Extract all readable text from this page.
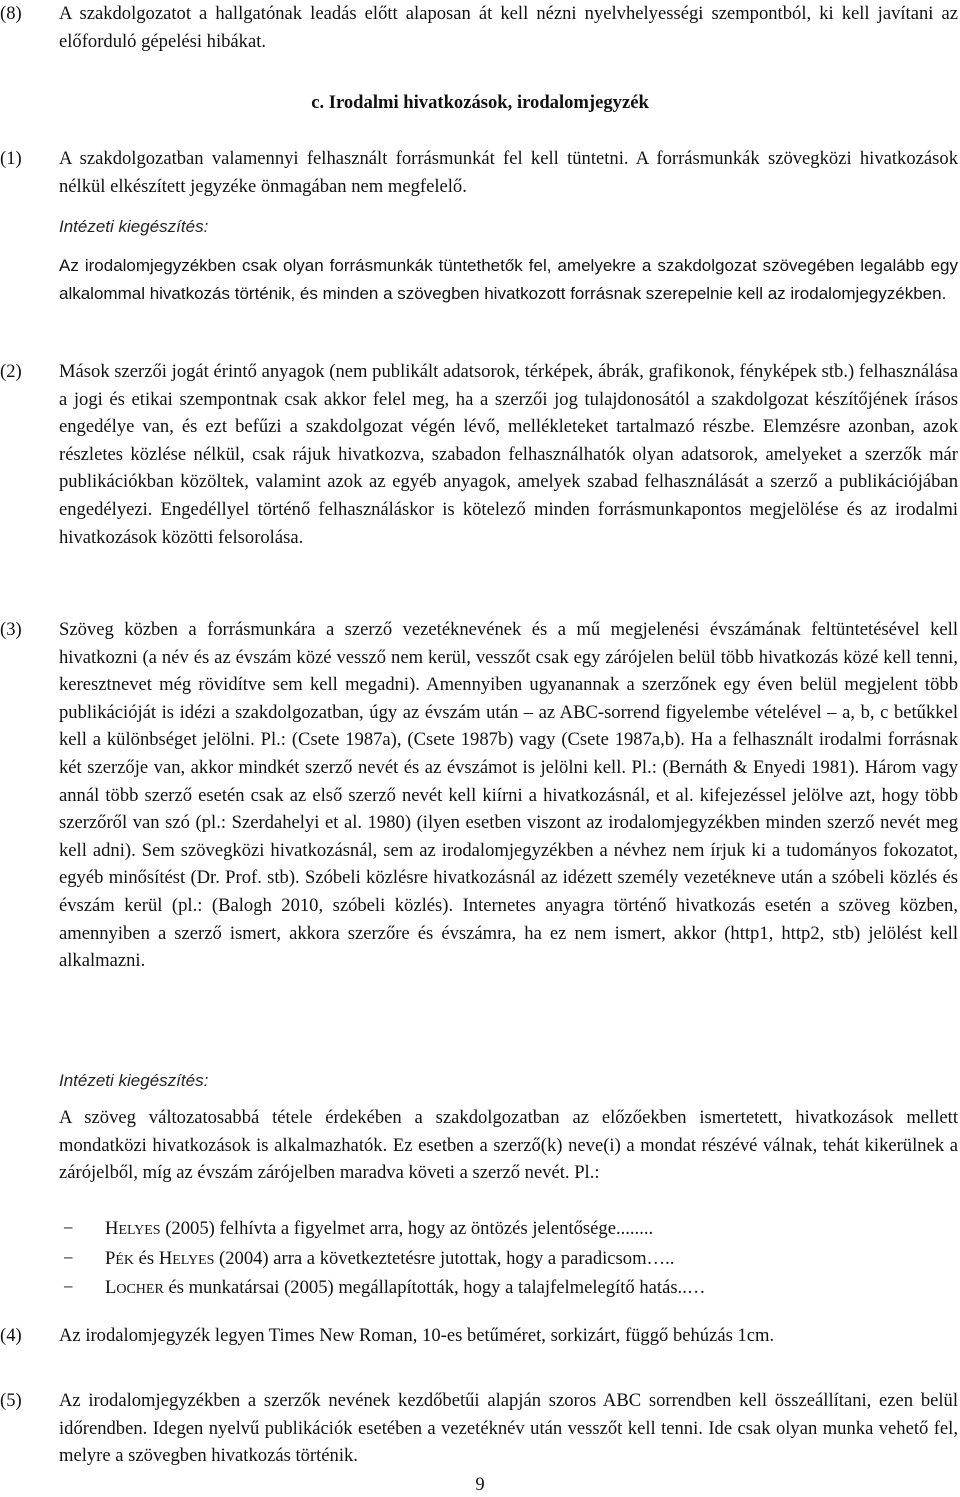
(8) A szakdolgozatot a hallgatónak leadás előtt alaposan át kell nézni nyelvhelyességi szempontból, ki kell javítani az előforduló gépelési hibákat.
c. Irodalmi hivatkozások, irodalomjegyzék
(1) A szakdolgozatban valamennyi felhasznált forrásmunkát fel kell tüntetni. A forrásmunkák szövegközi hivatkozások nélkül elkészített jegyzéke önmagában nem megfelelő.
Intézeti kiegészítés:
Az irodalomjegyzékben csak olyan forrásmunkák tüntethetők fel, amelyekre a szakdolgozat szövegében legalább egy alkalommal hivatkozás történik, és minden a szövegben hivatkozott forrásnak szerepelnie kell az irodalomjegyzékben.
(2) Mások szerzői jogát érintő anyagok (nem publikált adatsorok, térképek, ábrák, grafikonok, fényképek stb.) felhasználása a jogi és etikai szempontnak csak akkor felel meg, ha a szerzői jog tulajdonosától a szakdolgozat készítőjének írásos engedélye van, és ezt befűzi a szakdolgozat végén lévő, mellékleteket tartalmazó részbe. Elemzésre azonban, azok részletes közlése nélkül, csak rájuk hivatkozva, szabadon felhasználhatók olyan adatsorok, amelyeket a szerzők már publikációkban közöltek, valamint azok az egyéb anyagok, amelyek szabad felhasználását a szerző a publikációjában engedélyezi. Engedéllyel történő felhasználáskor is kötelező minden forrásmunkapontos megjelölése és az irodalmi hivatkozások közötti felsorolása.
(3) Szöveg közben a forrásmunkára a szerző vezetéknevének és a mű megjelenési évszámának feltüntetésével kell hivatkozni (a név és az évszám közé vessző nem kerül, vesszőt csak egy zárójelen belül több hivatkozás közé kell tenni, keresztnevet még rövidítve sem kell megadni). Amennyiben ugyanannak a szerzőnek egy éven belül megjelent több publikációját is idézi a szakdolgozatban, úgy az évszám után – az ABC-sorrend figyelembe vételével – a, b, c betűkkel kell a különbséget jelölni. Pl.: (Csete 1987a), (Csete 1987b) vagy (Csete 1987a,b). Ha a felhasznált irodalmi forrásnak két szerzője van, akkor mindkét szerző nevét és az évszámot is jelölni kell. Pl.: (Bernáth & Enyedi 1981). Három vagy annál több szerző esetén csak az első szerző nevét kell kiírni a hivatkozásnál, et al. kifejezéssel jelölve azt, hogy több szerzőről van szó (pl.: Szerdahelyi et al. 1980) (ilyen esetben viszont az irodalomjegyzékben minden szerző nevét meg kell adni). Sem szövegközi hivatkozásnál, sem az irodalomjegyzékben a névhez nem írjuk ki a tudományos fokozatot, egyéb minősítést (Dr. Prof. stb). Szóbeli közlésre hivatkozásnál az idézett személy vezetékneve után a szóbeli közlés és évszám kerül (pl.: (Balogh 2010, szóbeli közlés). Internetes anyagra történő hivatkozás esetén a szöveg közben, amennyiben a szerző ismert, akkora szerzőre és évszámra, ha ez nem ismert, akkor (http1, http2, stb) jelölést kell alkalmazni.
Intézeti kiegészítés:
A szöveg változatosabbá tétele érdekében a szakdolgozatban az előzőekben ismertetett, hivatkozások mellett mondatközi hivatkozások is alkalmazhatók. Ez esetben a szerző(k) neve(i) a mondat részévé válnak, tehát kikerülnek a zárójelből, míg az évszám zárójelben maradva követi a szerző nevét. Pl.:
− HELYES (2005) felhívta a figyelmet arra, hogy az öntözés jelentősége........
− PÉK és HELYES (2004) arra a következtetésre jutottak, hogy a paradicsom…..
− LOCHER és munkatársai (2005) megállapították, hogy a talajfelmelegítő hatás..…
(4) Az irodalomjegyzék legyen Times New Roman, 10-es betűméret, sorkizárt, függő behúzás 1cm.
(5) Az irodalomjegyzékben a szerzők nevének kezdőbetűi alapján szoros ABC sorrendben kell összeállítani, ezen belül időrendben. Idegen nyelvű publikációk esetében a vezetéknév után vesszőt kell tenni. Ide csak olyan munka vehető fel, melyre a szövegben hivatkozás történik.
9
